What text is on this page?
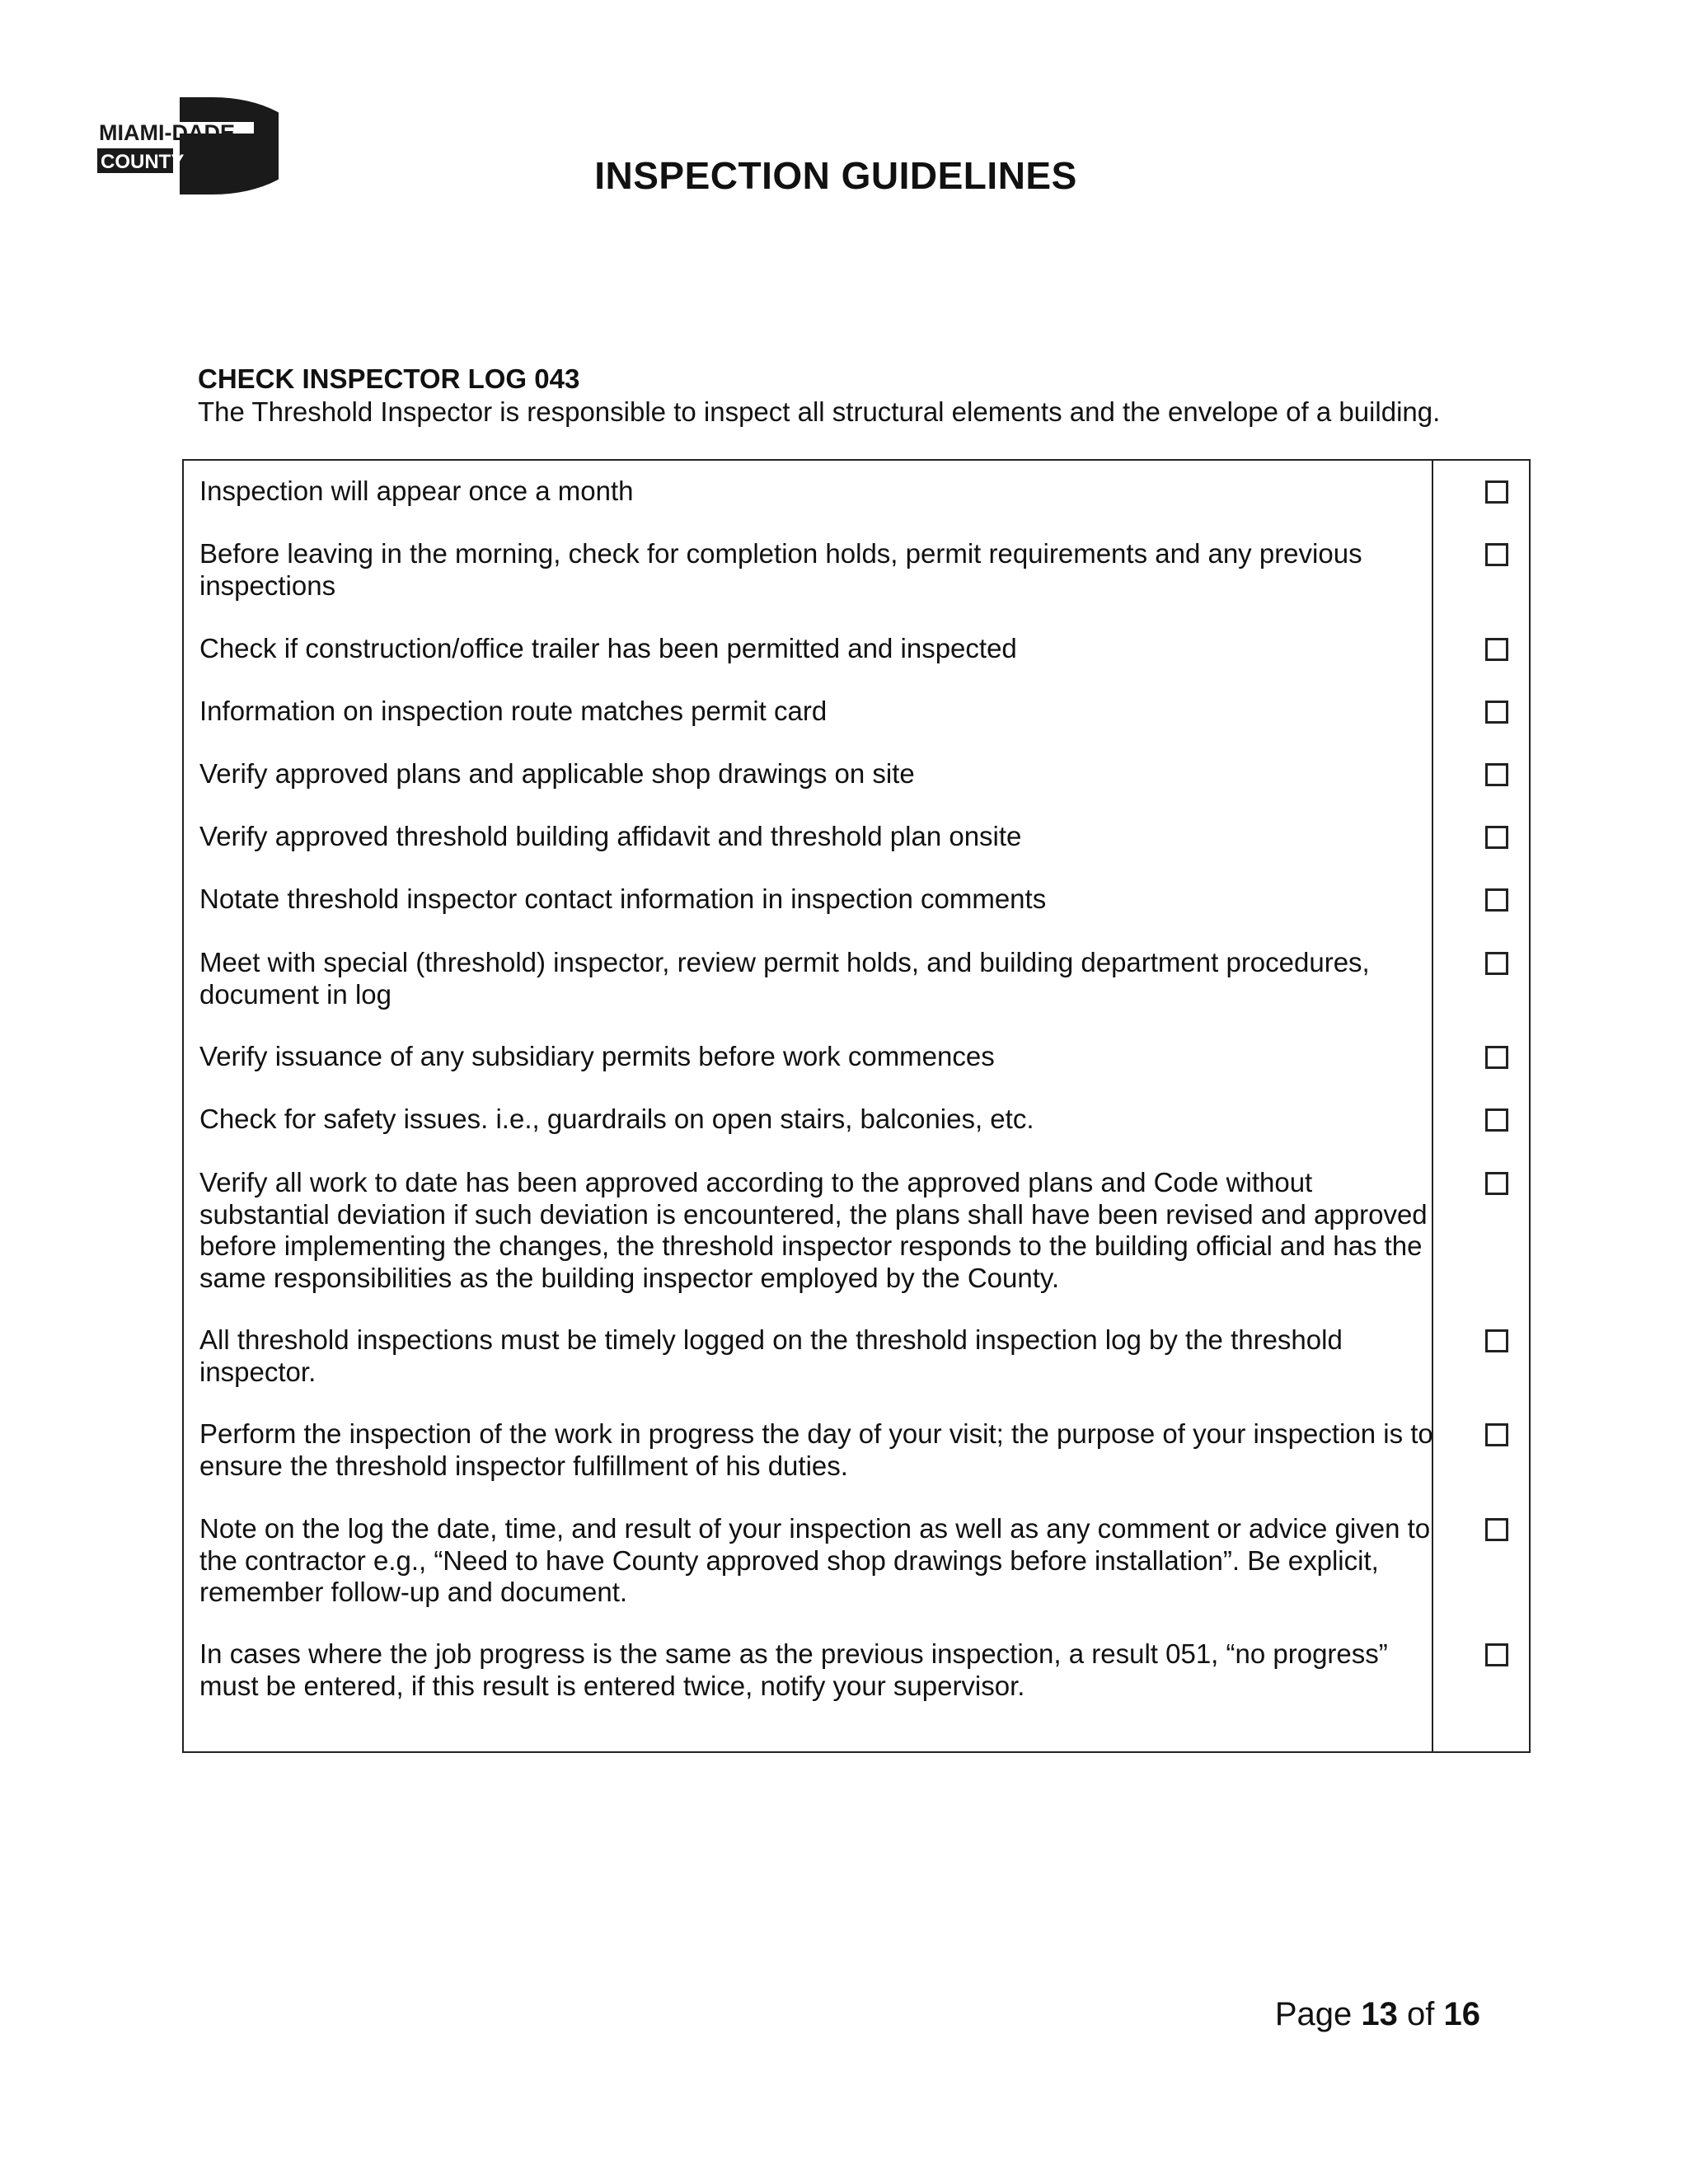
MIAMI-DADE
COUNTY	INSPECTION GUIDELINES

CHECK INSPECTOR LOG 043

The Threshold Inspector is responsible to inspect all structural elements and the envelope of a building.

Inspection will appear once a month

Before leaving in the morning, check for completion holds, permit requirements and any previous inspections

Check if construction/office trailer has been permitted and inspected

Information on inspection route matches permit card

Verify approved plans and applicable shop drawings on site

Verify approved threshold building affidavit and threshold plan onsite

Notate threshold inspector contact information in inspection comments

Meet with special (threshold) inspector, review permit holds, and building department procedures, document in log

Verify issuance of any subsidiary permits before work commences

Check for safety issues. i.e., guardrails on open stairs, balconies, etc.

Verify all work to date has been approved according to the approved plans and Code without substantial deviation if such deviation is encountered, the plans shall have been revised and approved before implementing the changes, the threshold inspector responds to the building official and has the same responsibilities as the building inspector employed by the County.

All threshold inspections must be timely logged on the threshold inspection log by the threshold inspector.

Perform the inspection of the work in progress the day of your visit; the purpose of your inspection is to ensure the threshold inspector fulfillment of his duties.

Note on the log the date, time, and result of your inspection as well as any comment or advice given to the contractor e.g., “Need to have County approved shop drawings before installation”. Be explicit, remember follow-up and document.

In cases where the job progress is the same as the previous inspection, a result 051, “no progress” must be entered, if this result is entered twice, notify your supervisor.

Page 13 of 16
